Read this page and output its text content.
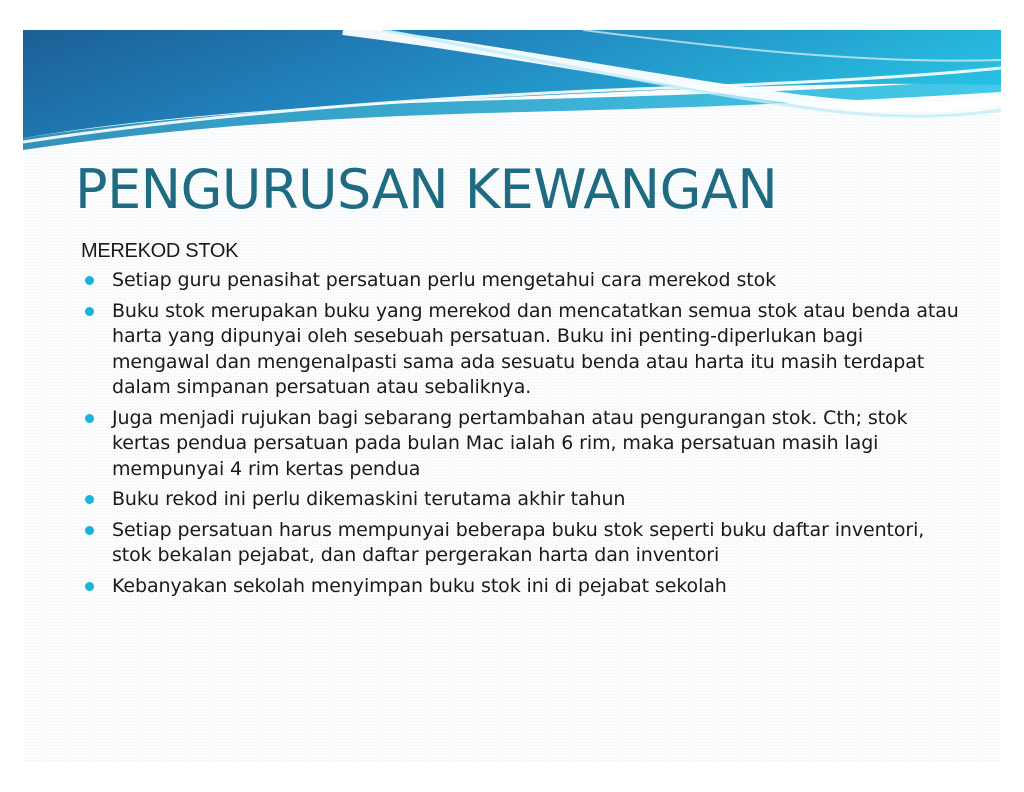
PENGURUSAN KEWANGAN
MEREKOD STOK
Setiap guru penasihat persatuan perlu mengetahui cara merekod stok
Buku stok merupakan buku yang merekod dan mencatatkan semua stok atau benda atau harta yang dipunyai oleh sesebuah persatuan. Buku ini penting-diperlukan bagi mengawal dan mengenalpasti sama ada sesuatu benda atau harta itu masih terdapat dalam simpanan persatuan atau sebaliknya.
Juga menjadi rujukan bagi sebarang pertambahan atau pengurangan stok. Cth; stok kertas pendua persatuan pada bulan Mac ialah 6 rim, maka persatuan masih lagi mempunyai 4 rim kertas pendua
Buku rekod ini perlu dikemaskini terutama akhir tahun
Setiap persatuan harus mempunyai beberapa buku stok seperti buku daftar inventori, stok bekalan pejabat, dan daftar pergerakan harta dan inventori
Kebanyakan sekolah menyimpan buku stok ini di pejabat sekolah
